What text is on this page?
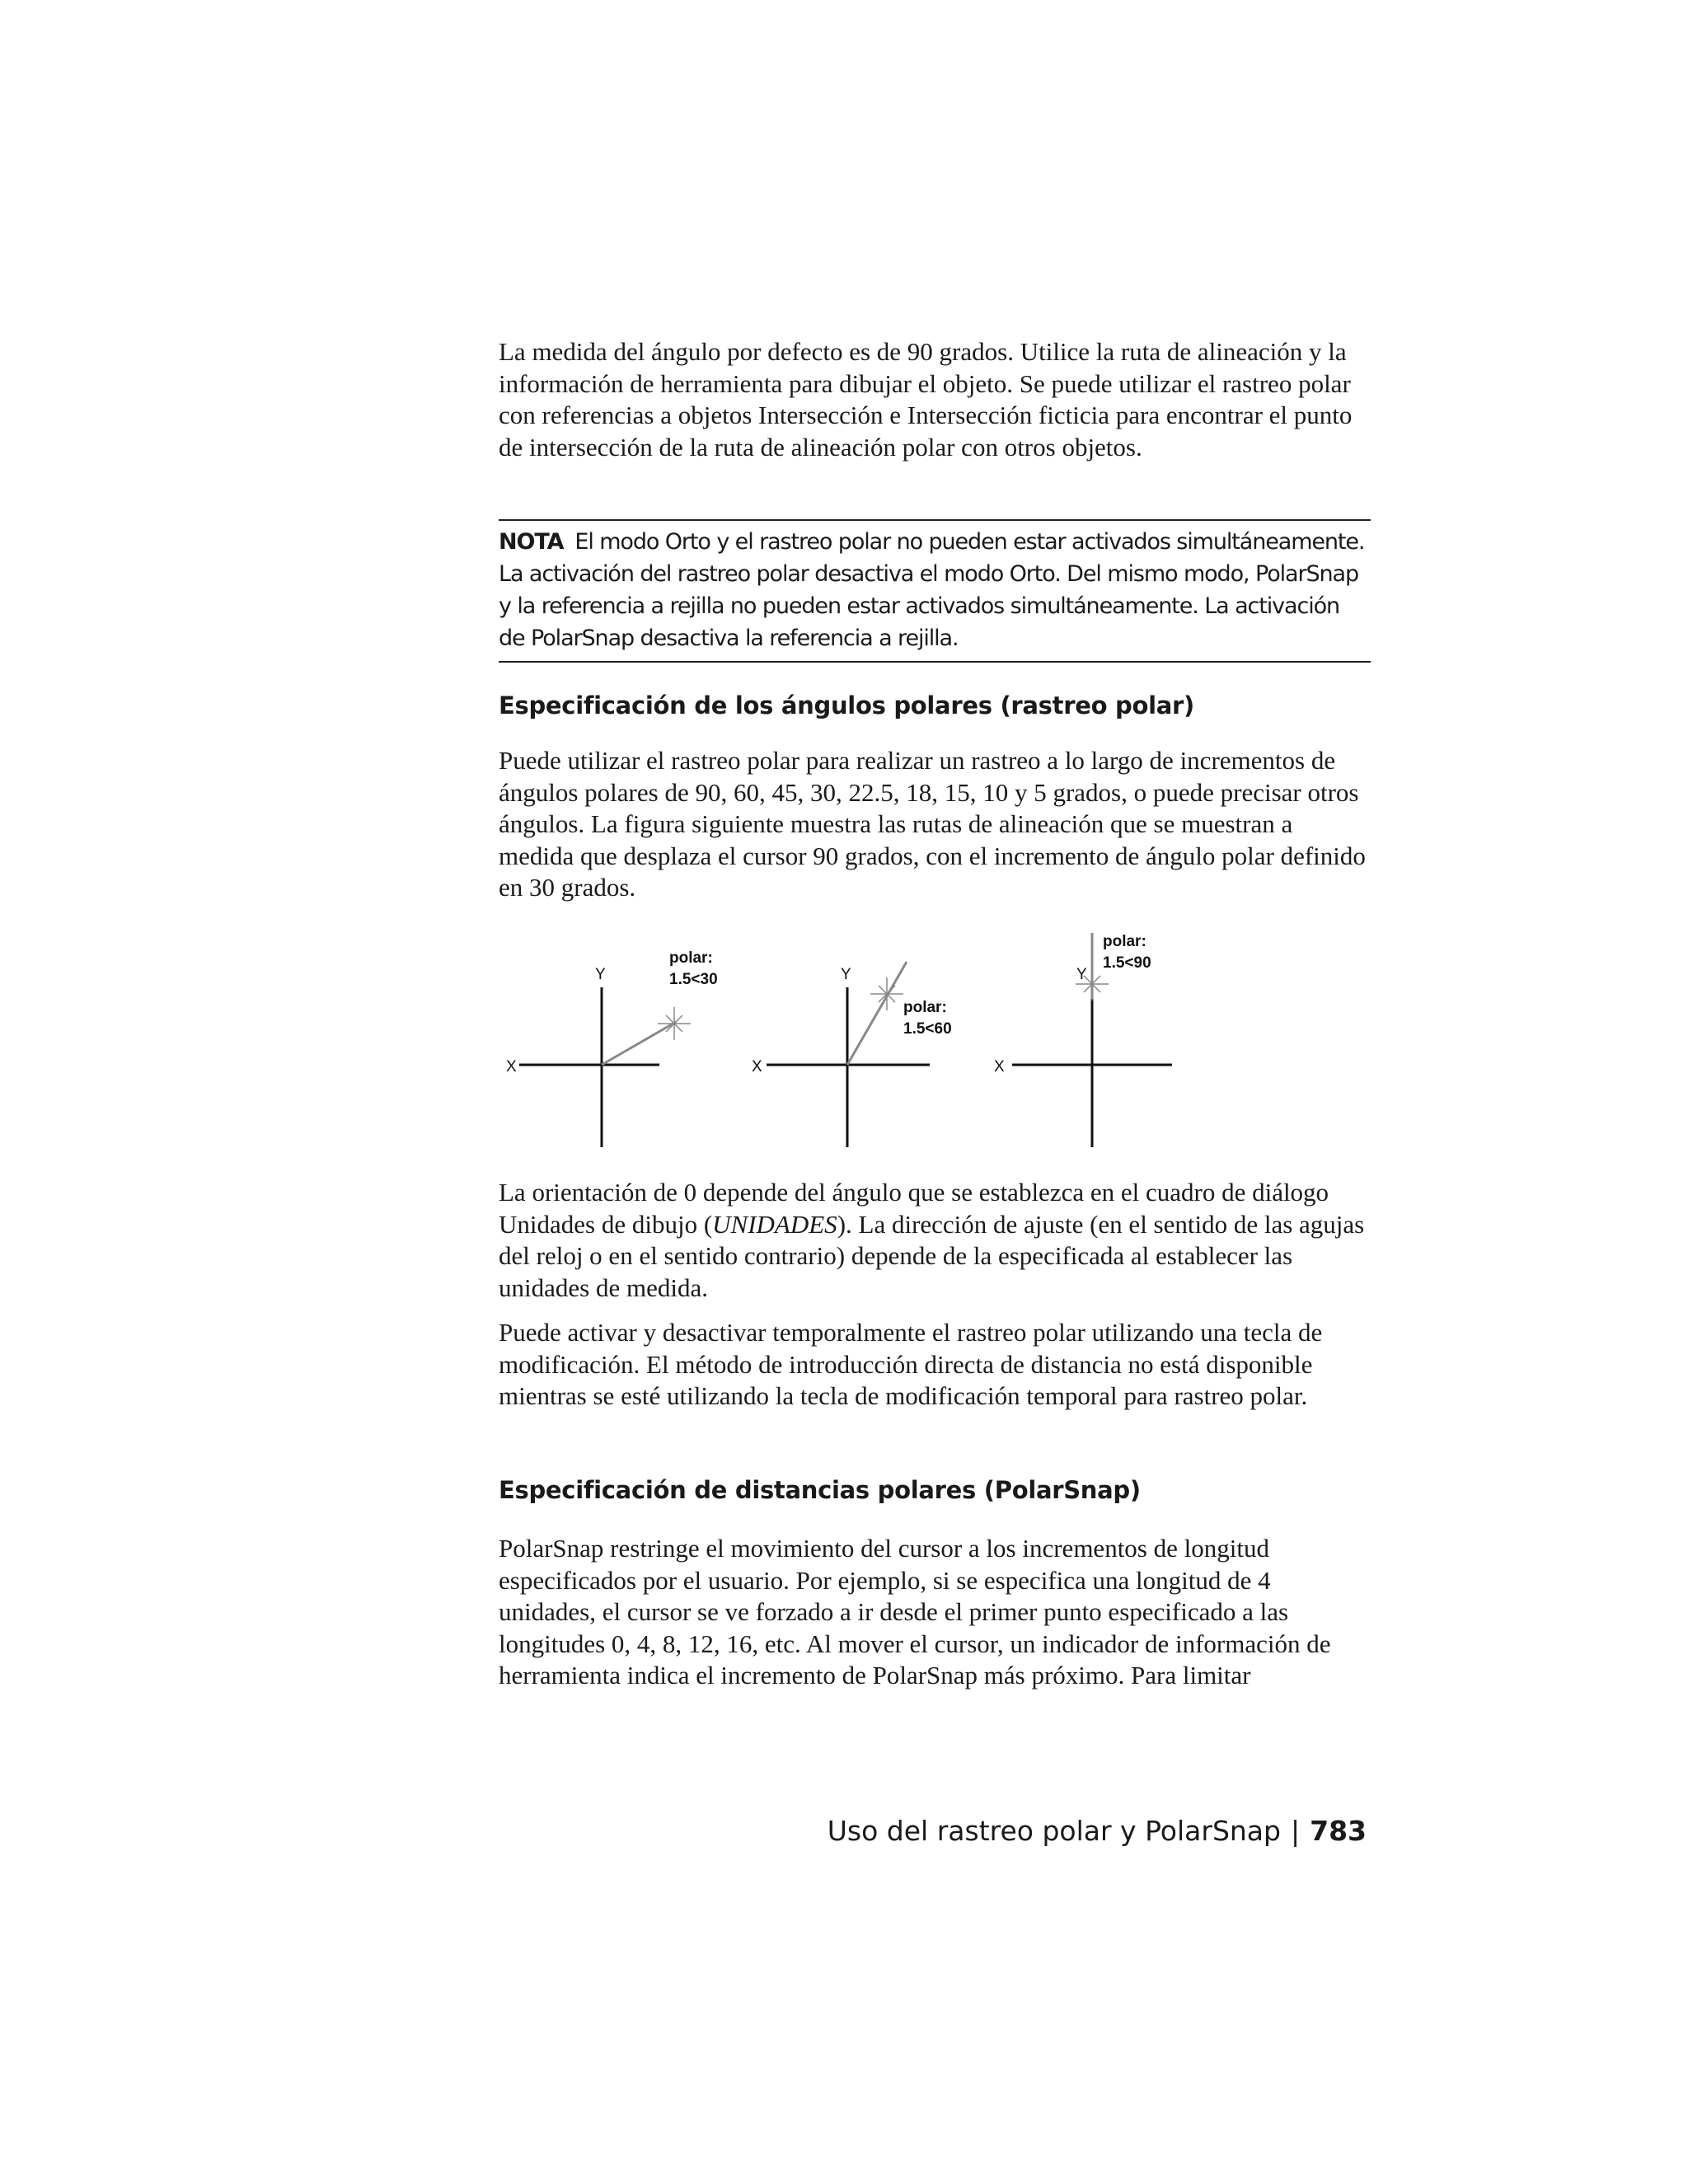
La medida del ángulo por defecto es de 90 grados. Utilice la ruta de alineación y la información de herramienta para dibujar el objeto. Se puede utilizar el rastreo polar con referencias a objetos Intersección e Intersección ficticia para encontrar el punto de intersección de la ruta de alineación polar con otros objetos.

NOTA El modo Orto y el rastreo polar no pueden estar activados simultáneamente. La activación del rastreo polar desactiva el modo Orto. Del mismo modo, PolarSnap y la referencia a rejilla no pueden estar activados simultáneamente. La activación de PolarSnap desactiva la referencia a rejilla.

Especificación de los ángulos polares (rastreo polar)

Puede utilizar el rastreo polar para realizar un rastreo a lo largo de incrementos de ángulos polares de 90, 60, 45, 30, 22.5, 18, 15, 10 y 5 grados, o puede precisar otros ángulos. La figura siguiente muestra las rutas de alineación que se muestran a medida que desplaza el cursor 90 grados, con el incremento de ángulo polar definido en 30 grados.

X
Y
polar:
1.5<30
X
Y
polar:
1.5<60
X
Y
polar:
1.5<90

La orientación de 0 depende del ángulo que se establezca en el cuadro de diálogo Unidades de dibujo (UNIDADES). La dirección de ajuste (en el sentido de las agujas del reloj o en el sentido contrario) depende de la especificada al establecer las unidades de medida.

Puede activar y desactivar temporalmente el rastreo polar utilizando una tecla de modificación. El método de introducción directa de distancia no está disponible mientras se esté utilizando la tecla de modificación temporal para rastreo polar.

Especificación de distancias polares (PolarSnap)

PolarSnap restringe el movimiento del cursor a los incrementos de longitud especificados por el usuario. Por ejemplo, si se especifica una longitud de 4 unidades, el cursor se ve forzado a ir desde el primer punto especificado a las longitudes 0, 4, 8, 12, 16, etc. Al mover el cursor, un indicador de información de herramienta indica el incremento de PolarSnap más próximo. Para limitar

Uso del rastreo polar y PolarSnap | 783
